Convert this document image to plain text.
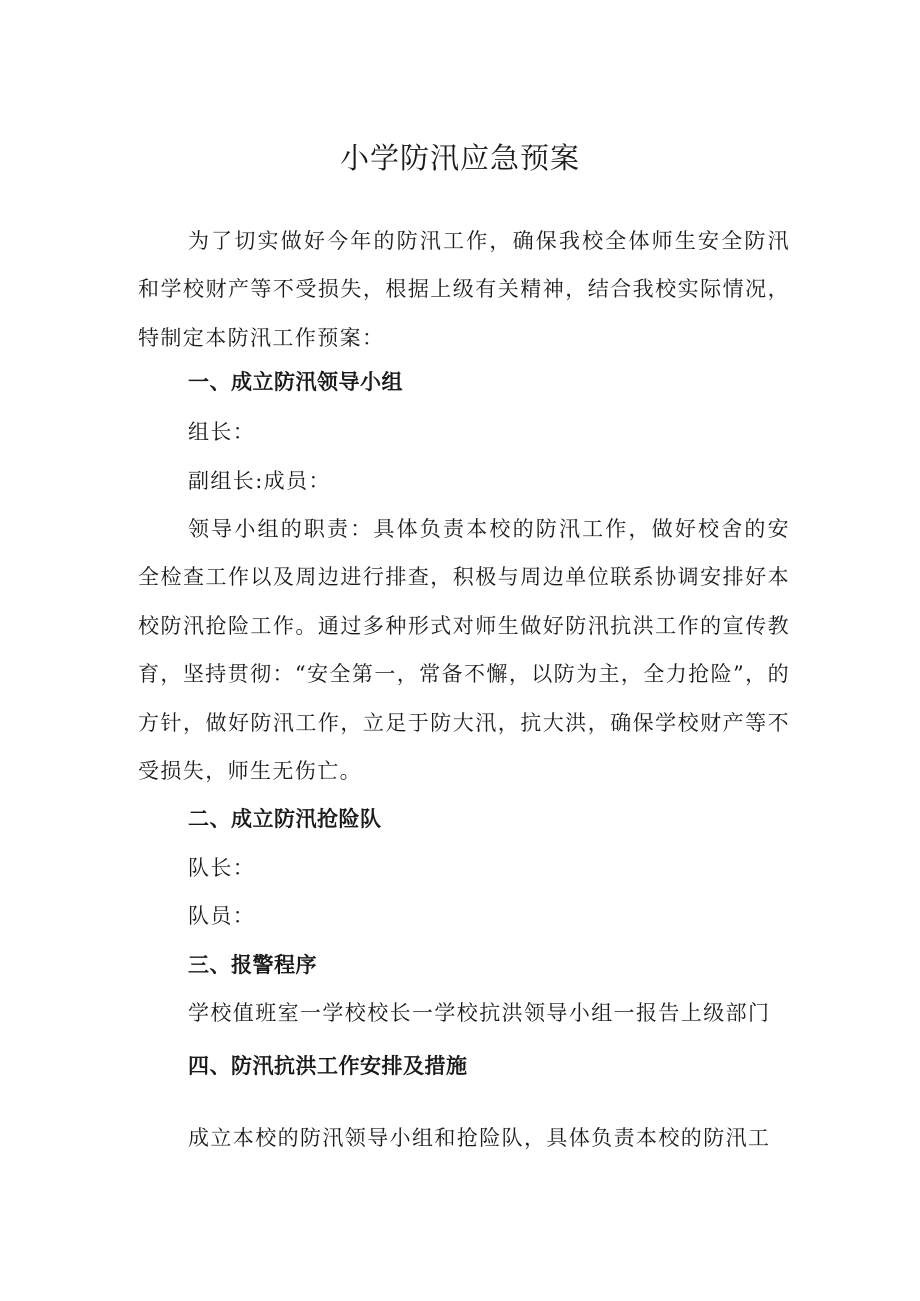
小学防汛应急预案

为了切实做好今年的防汛工作，确保我校全体师生安全防汛和学校财产等不受损失，根据上级有关精神，结合我校实际情况，特制定本防汛工作预案：

一、成立防汛领导小组
组长：
副组长:成员：

领导小组的职责：具体负责本校的防汛工作，做好校舍的安全检查工作以及周边进行排查，积极与周边单位联系协调安排好本校防汛抢险工作。通过多种形式对师生做好防汛抗洪工作的宣传教育，坚持贯彻：“安全第一，常备不懈，以防为主，全力抢险”，的方针，做好防汛工作，立足于防大汛，抗大洪，确保学校财产等不受损失，师生无伤亡。

二、成立防汛抢险队
队长：
队员：
三、报警程序
学校值班室一学校校长一学校抗洪领导小组一报告上级部门
四、防汛抗洪工作安排及措施
成立本校的防汛领导小组和抢险队，具体负责本校的防汛工
